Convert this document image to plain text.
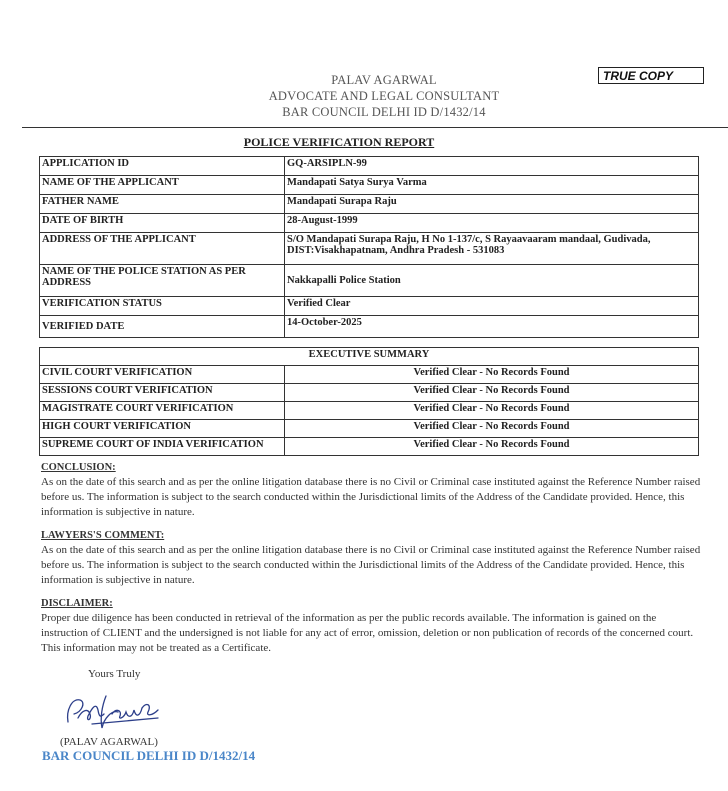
PALAV AGARWAL
ADVOCATE AND LEGAL CONSULTANT
BAR COUNCIL DELHI ID D/1432/14
TRUE COPY
POLICE VERIFICATION REPORT
APPLICATION ID	GQ-ARSIPLN-99
NAME OF THE APPLICANT	Mandapati Satya Surya Varma
FATHER NAME	Mandapati Surapa Raju
DATE OF BIRTH	28-August-1999
ADDRESS OF THE APPLICANT	S/O Mandapati Surapa Raju, H No 1-137/c, S Rayaavaaram mandaal, Gudivada, DIST:Visakhapatnam, Andhra Pradesh - 531083
NAME OF THE POLICE STATION AS PER ADDRESS	Nakkapalli Police Station
VERIFICATION STATUS	Verified Clear
VERIFIED DATE	14-October-2025
EXECUTIVE SUMMARY	
CIVIL COURT VERIFICATION	Verified Clear - No Records Found
SESSIONS COURT VERIFICATION	Verified Clear - No Records Found
MAGISTRATE COURT VERIFICATION	Verified Clear - No Records Found
HIGH COURT VERIFICATION	Verified Clear - No Records Found
SUPREME COURT OF INDIA VERIFICATION	Verified Clear - No Records Found
CONCLUSION:
As on the date of this search and as per the online litigation database there is no Civil or Criminal case instituted against the Reference Number raised before us. The information is subject to the search conducted within the Jurisdictional limits of the Address of the Candidate provided. Hence, this information is subjective in nature.
LAWYERS'S COMMENT:
As on the date of this search and as per the online litigation database there is no Civil or Criminal case instituted against the Reference Number raised before us. The information is subject to the search conducted within the Jurisdictional limits of the Address of the Candidate provided. Hence, this information is subjective in nature.
DISCLAIMER:
Proper due diligence has been conducted in retrieval of the information as per the public records available. The information is gained on the instruction of CLIENT and the undersigned is not liable for any act of error, omission, deletion or non publication of records of the concerned court. This information may not be treated as a Certificate.
Yours Truly
(PALAV AGARWAL)
BAR COUNCIL DELHI ID D/1432/14
